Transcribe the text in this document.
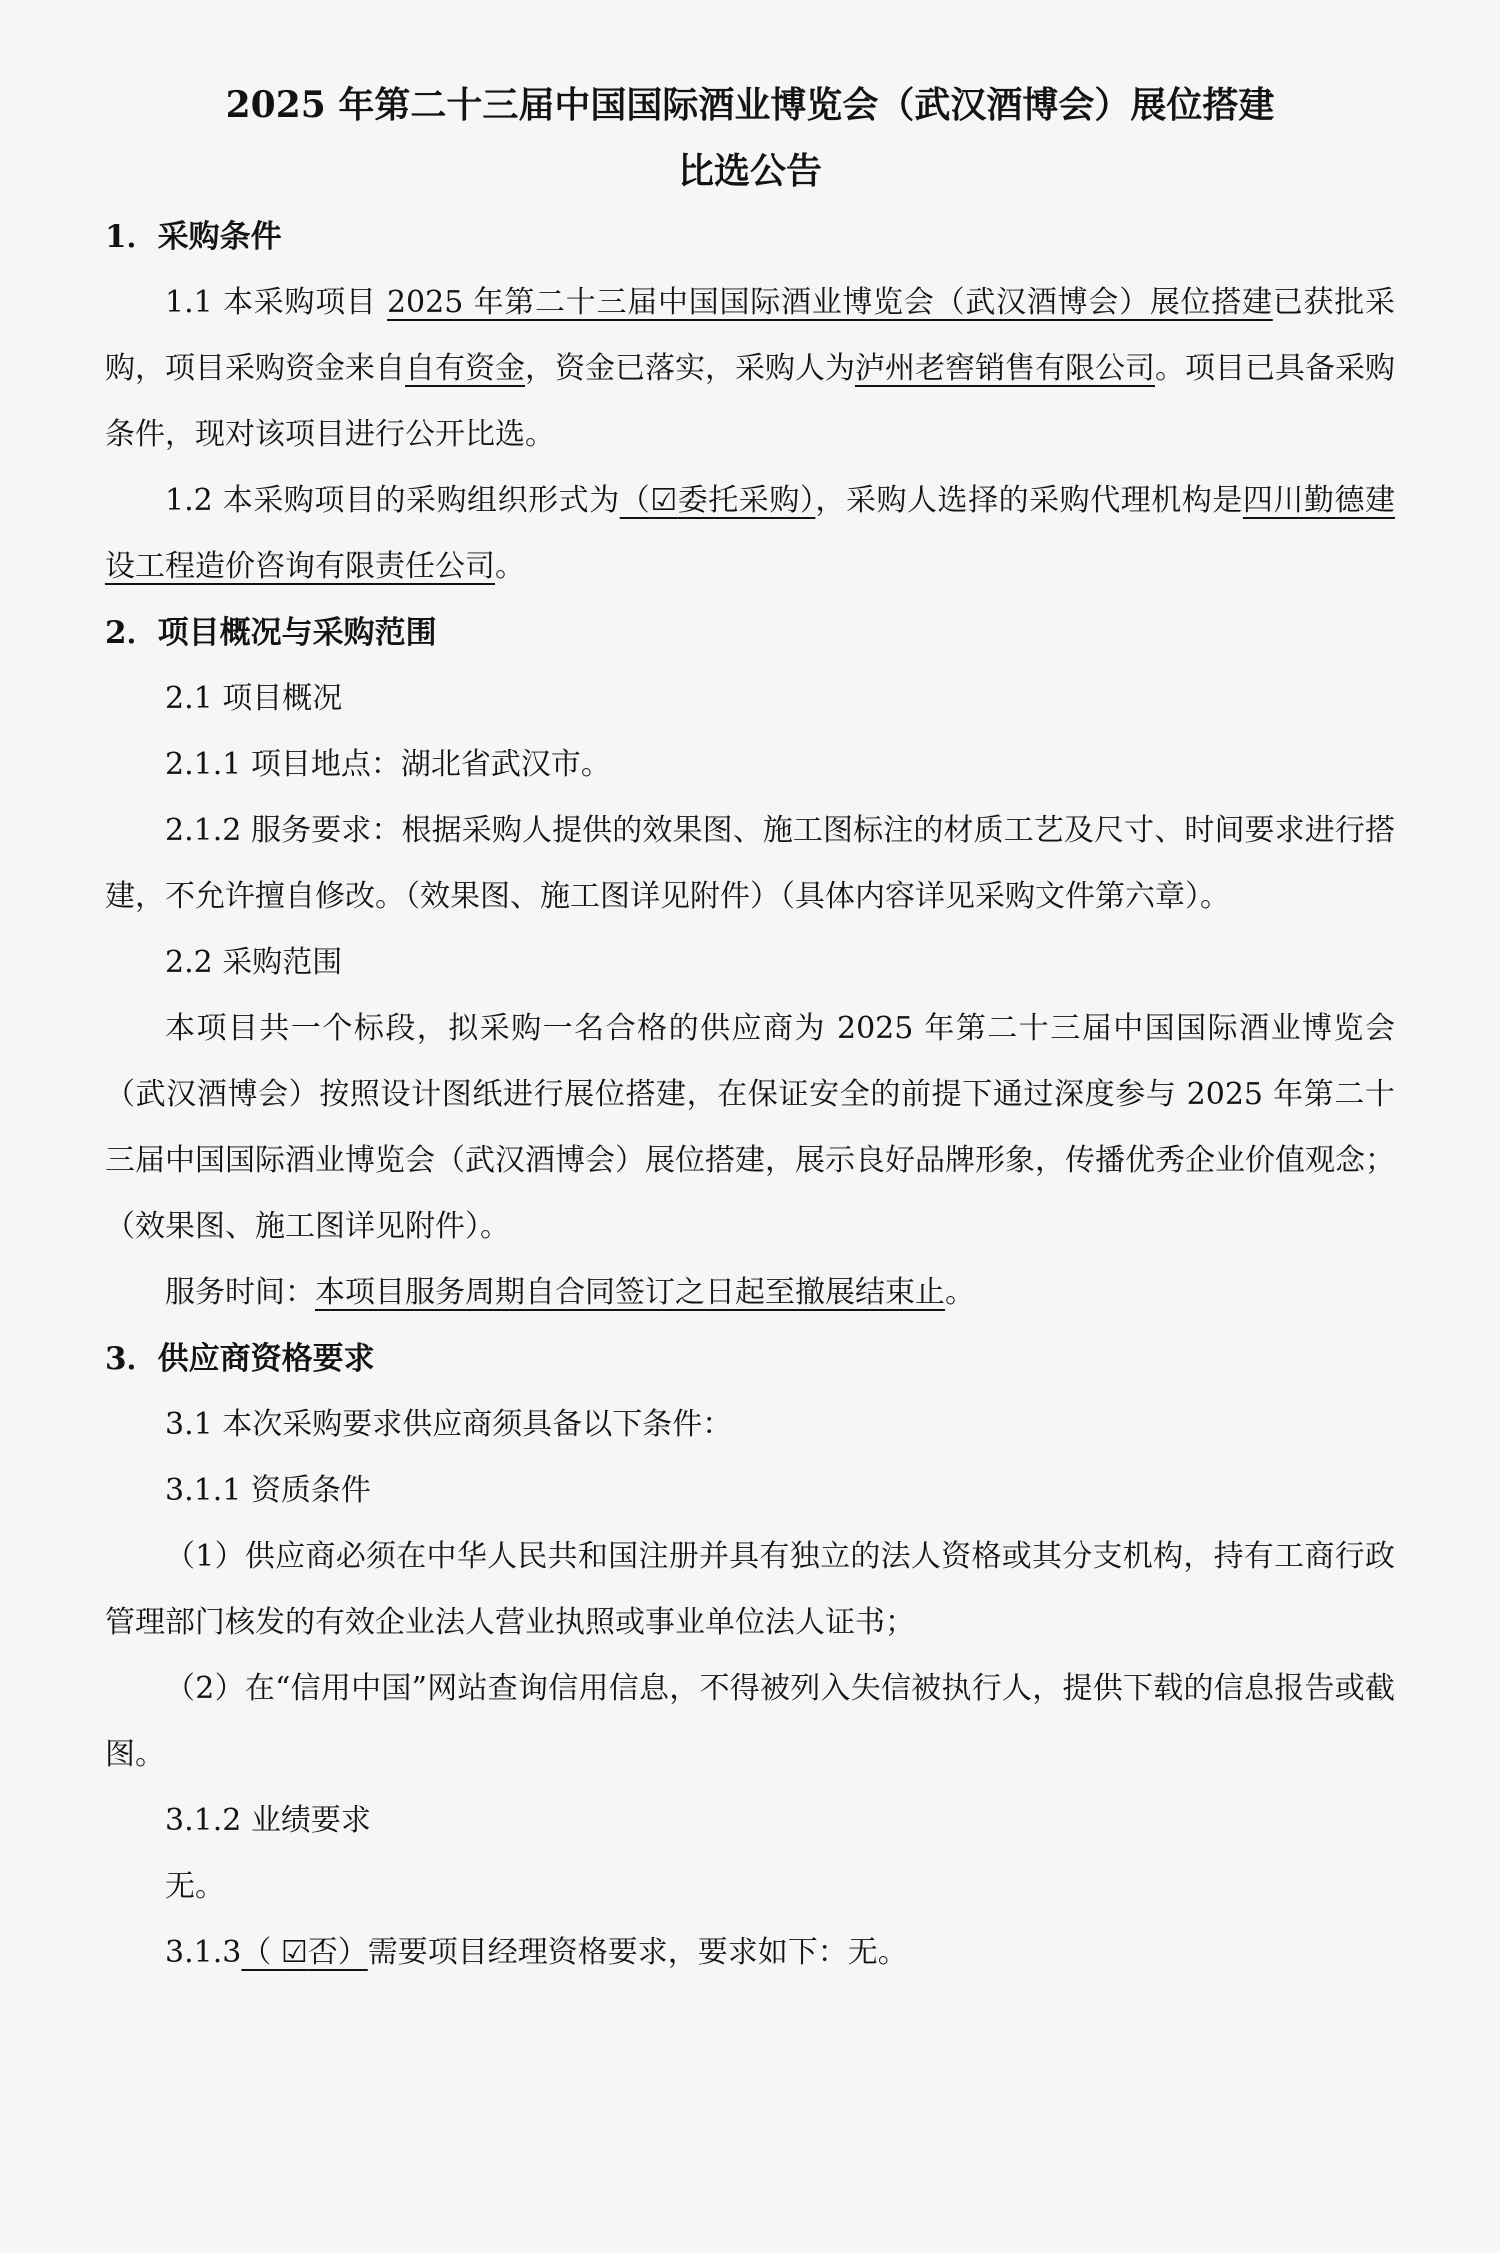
2025 年第二十三届中国国际酒业博览会（武汉酒博会）展位搭建
比选公告
1．采购条件
1.1 本采购项目 2025 年第二十三届中国国际酒业博览会（武汉酒博会）展位搭建已获批采购，项目采购资金来自自有资金，资金已落实，采购人为泸州老窖销售有限公司。项目已具备采购条件，现对该项目进行公开比选。
1.2 本采购项目的采购组织形式为（☑委托采购），采购人选择的采购代理机构是四川勤德建设工程造价咨询有限责任公司。
2．项目概况与采购范围
2.1 项目概况
2.1.1 项目地点：湖北省武汉市。
2.1.2 服务要求：根据采购人提供的效果图、施工图标注的材质工艺及尺寸、时间要求进行搭建，不允许擅自修改。（效果图、施工图详见附件）（具体内容详见采购文件第六章）。
2.2 采购范围
本项目共一个标段，拟采购一名合格的供应商为 2025 年第二十三届中国国际酒业博览会（武汉酒博会）按照设计图纸进行展位搭建，在保证安全的前提下通过深度参与 2025 年第二十三届中国国际酒业博览会（武汉酒博会）展位搭建，展示良好品牌形象，传播优秀企业价值观念；（效果图、施工图详见附件）。
服务时间：本项目服务周期自合同签订之日起至撤展结束止。
3．供应商资格要求
3.1 本次采购要求供应商须具备以下条件：
3.1.1 资质条件
（1）供应商必须在中华人民共和国注册并具有独立的法人资格或其分支机构，持有工商行政管理部门核发的有效企业法人营业执照或事业单位法人证书；
（2）在“信用中国”网站查询信用信息，不得被列入失信被执行人，提供下载的信息报告或截图。
3.1.2 业绩要求
无。
3.1.3（ ☑否）需要项目经理资格要求，要求如下：无。
